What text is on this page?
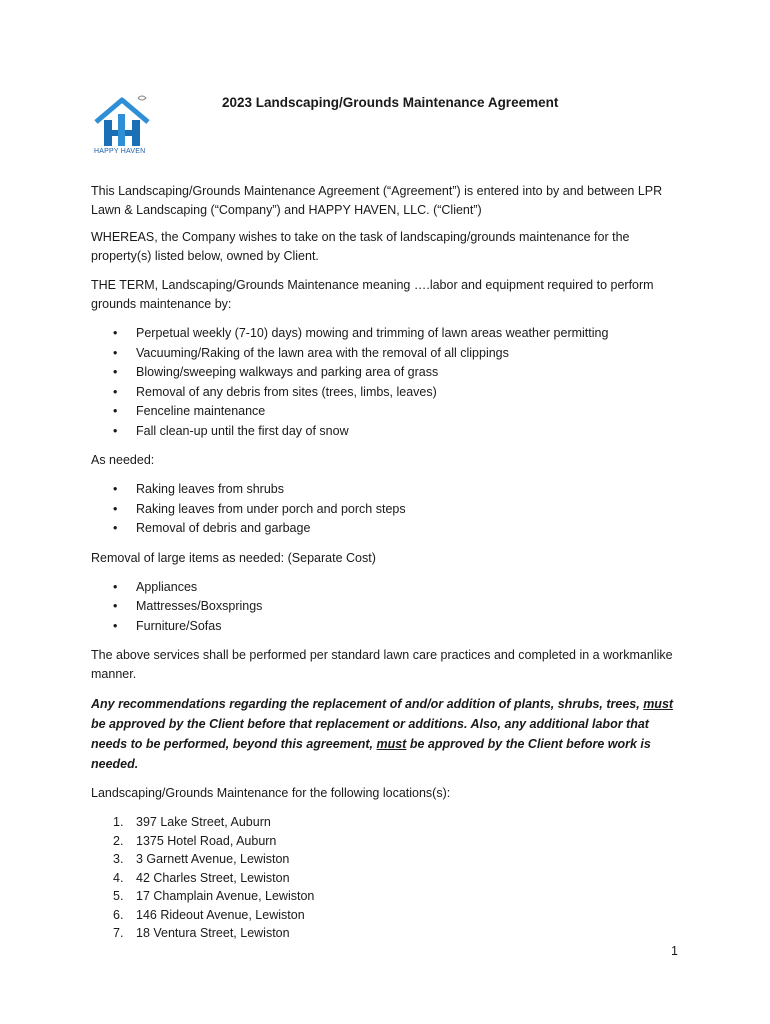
HAPPY HAVEN
2023 Landscaping/Grounds Maintenance Agreement

This Landscaping/Grounds Maintenance Agreement (“Agreement”) is entered into by and between LPR Lawn & Landscaping (“Company”) and HAPPY HAVEN, LLC. (“Client”)

WHEREAS, the Company wishes to take on the task of landscaping/grounds maintenance for the property(s) listed below, owned by Client.

THE TERM, Landscaping/Grounds Maintenance meaning ….labor and equipment required to perform grounds maintenance by:

• Perpetual weekly (7-10) days) mowing and trimming of lawn areas weather permitting
• Vacuuming/Raking of the lawn area with the removal of all clippings
• Blowing/sweeping walkways and parking area of grass
• Removal of any debris from sites (trees, limbs, leaves)
• Fenceline maintenance
• Fall clean-up until the first day of snow

As needed:

• Raking leaves from shrubs
• Raking leaves from under porch and porch steps
• Removal of debris and garbage

Removal of large items as needed: (Separate Cost)

• Appliances
• Mattresses/Boxsprings
• Furniture/Sofas

The above services shall be performed per standard lawn care practices and completed in a workmanlike manner.

Any recommendations regarding the replacement of and/or addition of plants, shrubs, trees, must be approved by the Client before that replacement or additions. Also, any additional labor that needs to be performed, beyond this agreement, must be approved by the Client before work is needed.

Landscaping/Grounds Maintenance for the following locations(s):

1. 397 Lake Street, Auburn
2. 1375 Hotel Road, Auburn
3. 3 Garnett Avenue, Lewiston
4. 42 Charles Street, Lewiston
5. 17 Champlain Avenue, Lewiston
6. 146 Rideout Avenue, Lewiston
7. 18 Ventura Street, Lewiston
1
